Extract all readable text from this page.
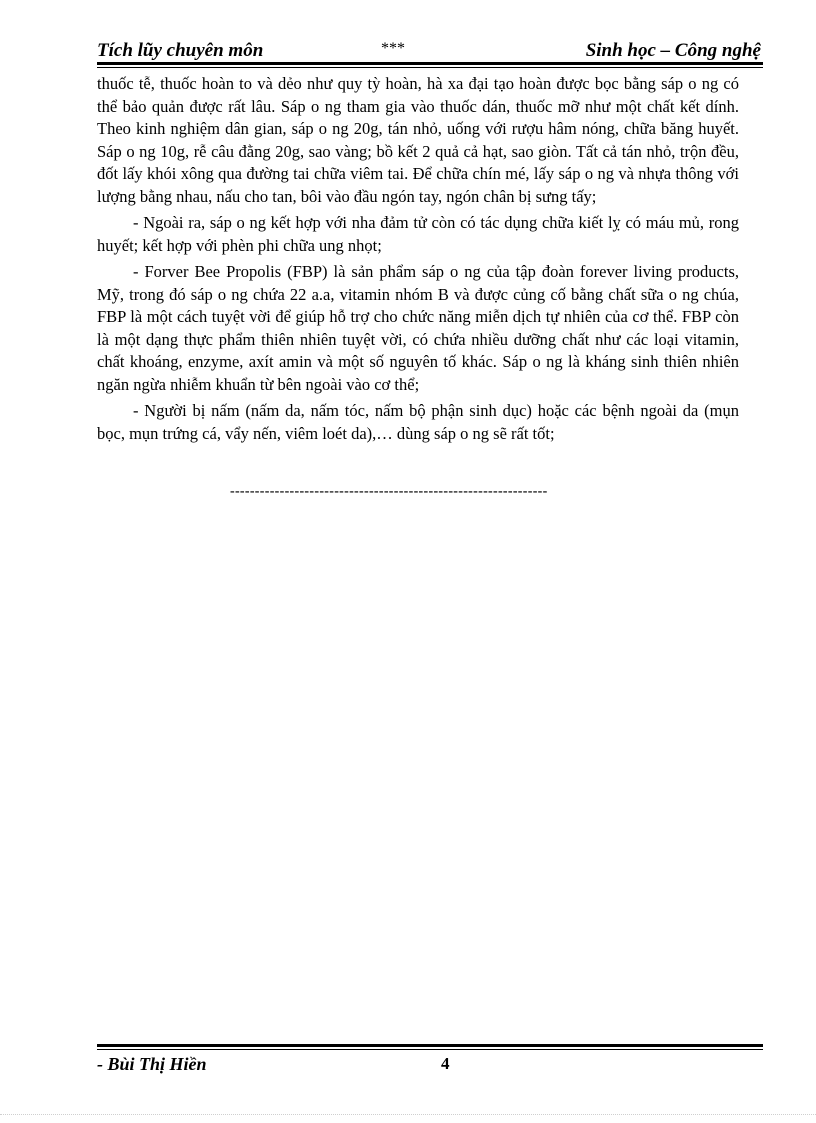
Tích lũy chuyên môn	***	Sinh học – Công nghệ

thuốc tễ, thuốc hoàn to và dẻo như quy tỳ hoàn, hà xa đại tạo hoàn được bọc bằng sáp o ng có thể bảo quản được rất lâu. Sáp o ng tham gia vào thuốc dán, thuốc mỡ như một chất kết dính. Theo kinh nghiệm dân gian, sáp o ng 20g, tán nhỏ, uống với rượu hâm nóng, chữa băng huyết. Sáp o ng 10g, rễ câu đằng 20g, sao vàng; bồ kết 2 quả cả hạt, sao giòn. Tất cả tán nhỏ, trộn đều, đốt lấy khói xông qua đường tai chữa viêm tai. Để chữa chín mé, lấy sáp o ng và nhựa thông với lượng bằng nhau, nấu cho tan, bôi vào đầu ngón tay, ngón chân bị sưng tấy;

- Ngoài ra, sáp o ng kết hợp với nha đảm tử còn có tác dụng chữa kiết lỵ có máu mủ, rong huyết; kết hợp với phèn phi chữa ung nhọt;

- Forver Bee Propolis (FBP) là sản phẩm sáp o ng của tập đoàn forever living products, Mỹ, trong đó sáp o ng chứa 22 a.a, vitamin nhóm B và được củng cố bằng chất sữa o ng chúa, FBP là một cách tuyệt vời để giúp hỗ trợ cho chức năng miễn dịch tự nhiên của cơ thể. FBP còn là một dạng thực phẩm thiên nhiên tuyệt vời, có chứa nhiều dưỡng chất như các loại vitamin, chất khoáng, enzyme, axít amin và một số nguyên tố khác. Sáp o ng là kháng sinh thiên nhiên ngăn ngừa nhiễm khuẩn từ bên ngoài vào cơ thể;

- Người bị nấm (nấm da, nấm tóc, nấm bộ phận sinh dục) hoặc các bệnh ngoài da (mụn bọc, mụn trứng cá, vẩy nến, viêm loét da),… dùng sáp o ng sẽ rất tốt;

----------------------------------------------------------------
- Bùi Thị Hiền	4
